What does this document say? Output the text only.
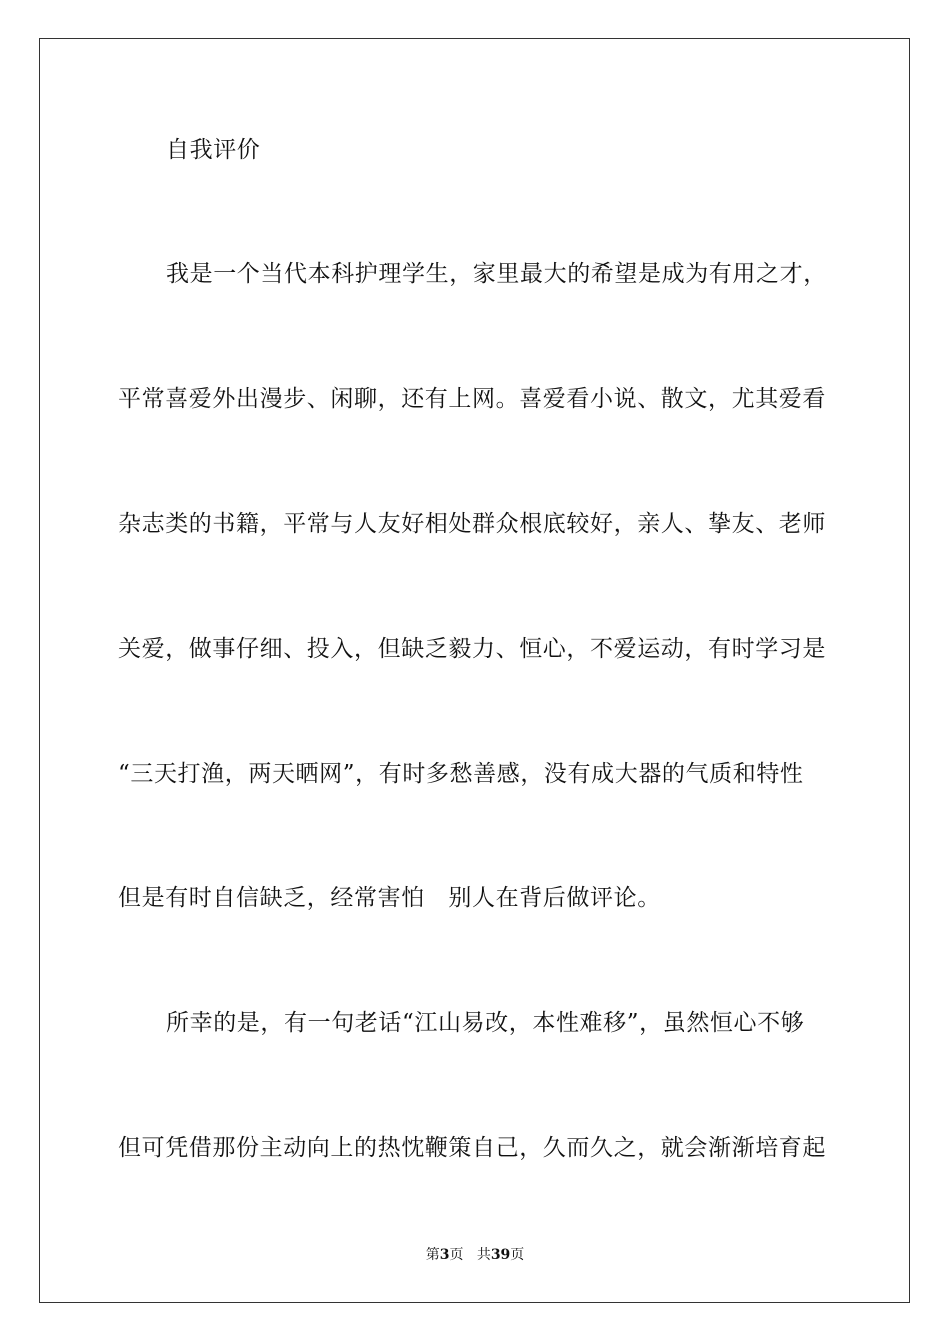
自我评价
我是一个当代本科护理学生，家里最大的希望是成为有用之才，
平常喜爱外出漫步、闲聊，还有上网。喜爱看小说、散文，尤其爱看
杂志类的书籍，平常与人友好相处群众根底较好，亲人、挚友、老师
关爱，做事仔细、投入，但缺乏毅力、恒心，不爱运动，有时学习是
“三天打渔，两天晒网”，有时多愁善感，没有成大器的气质和特性
但是有时自信缺乏，经常害怕　别人在背后做评论。
所幸的是，有一句老话“江山易改，本性难移”，虽然恒心不够
但可凭借那份主动向上的热忱鞭策自己，久而久之，就会渐渐培育起
第3页 共39页
